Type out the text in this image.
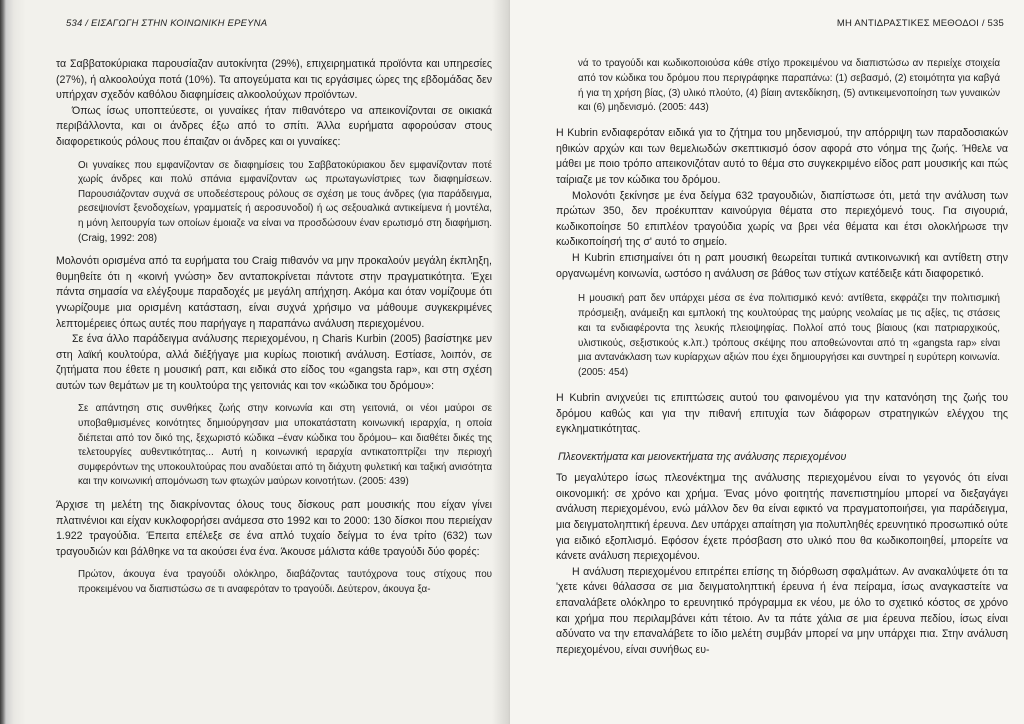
534 / ΕΙΣΑΓΩΓΗ ΣΤΗΝ ΚΟΙΝΩΝΙΚΗ ΕΡΕΥΝΑ

τα Σαββατοκύριακα παρουσίαζαν αυτοκίνητα (29%), επιχειρηματικά προϊόντα και υπηρεσίες (27%), ή αλκοολούχα ποτά (10%). Τα απογεύματα και τις εργάσιμες ώρες της εβδομάδας δεν υπήρχαν σχεδόν καθόλου διαφημίσεις αλκοολούχων προϊόντων.

Όπως ίσως υποπτεύεστε, οι γυναίκες ήταν πιθανότερο να απεικονίζονται σε οικιακά περιβάλλοντα, και οι άνδρες έξω από το σπίτι. Άλλα ευρήματα αφορούσαν στους διαφορετικούς ρόλους που έπαιζαν οι άνδρες και οι γυναίκες:

Οι γυναίκες που εμφανίζονταν σε διαφημίσεις του Σαββατοκύριακου δεν εμφανίζονταν ποτέ χωρίς άνδρες και πολύ σπάνια εμφανίζονταν ως πρωταγωνίστριες των διαφημίσεων. Παρουσιάζονταν συχνά σε υποδεέστερους ρόλους σε σχέση με τους άνδρες (για παράδειγμα, ρεσεψιονίστ ξενοδοχείων, γραμματείς ή αεροσυνοδοί) ή ως σεξουαλικά αντικείμενα ή μοντέλα, η μόνη λειτουργία των οποίων έμοιαζε να είναι να προσδώσουν έναν ερωτισμό στη διαφήμιση. (Craig, 1992: 208)

Μολονότι ορισμένα από τα ευρήματα του Craig πιθανόν να μην προκαλούν μεγάλη έκπληξη, θυμηθείτε ότι η «κοινή γνώση» δεν ανταποκρίνεται πάντοτε στην πραγματικότητα. Έχει πάντα σημασία να ελέγξουμε παραδοχές με μεγάλη απήχηση. Ακόμα και όταν νομίζουμε ότι γνωρίζουμε μια ορισμένη κατάσταση, είναι συχνά χρήσιμο να μάθουμε συγκεκριμένες λεπτομέρειες όπως αυτές που παρήγαγε η παραπάνω ανάλυση περιεχομένου.

Σε ένα άλλο παράδειγμα ανάλυσης περιεχομένου, η Charis Kurbin (2005) βασίστηκε μεν στη λαϊκή κουλτούρα, αλλά διέξήγαγε μια κυρίως ποιοτική ανάλυση. Εστίασε, λοιπόν, σε ζητήματα που έθετε η μουσική ραπ, και ειδικά στο είδος του «gangsta rap», και στη σχέση αυτών των θεμάτων με τη κουλτούρα της γειτονιάς και τον «κώδικα του δρόμου»:

Σε απάντηση στις συνθήκες ζωής στην κοινωνία και στη γειτονιά, οι νέοι μαύροι σε υποβαθμισμένες κοινότητες δημιούργησαν μια υποκατάστατη κοινωνική ιεραρχία, η οποία διέπεται από τον δικό της, ξεχωριστό κώδικα –έναν κώδικα του δρόμου– και διαθέτει δικές της τελετουργίες αυθεντικότητας... Αυτή η κοινωνική ιεραρχία αντικατοπτρίζει την περιοχή συμφερόντων της υποκουλτούρας που αναδύεται από τη διάχυτη φυλετική και ταξική ανισότητα και την κοινωνική απομόνωση των φτωχών μαύρων κοινοτήτων. (2005: 439)

Άρχισε τη μελέτη της διακρίνοντας όλους τους δίσκους ραπ μουσικής που είχαν γίνει πλατινένιοι και είχαν κυκλοφορήσει ανάμεσα στο 1992 και το 2000: 130 δίσκοι που περιείχαν 1.922 τραγούδια. Έπειτα επέλεξε σε ένα απλό τυχαίο δείγμα το ένα τρίτο (632) των τραγουδιών και βάλθηκε να τα ακούσει ένα ένα. Άκουσε μάλιστα κάθε τραγούδι δύο φορές:

Πρώτον, άκουγα ένα τραγούδι ολόκληρο, διαβάζοντας ταυτόχρονα τους στίχους που προκειμένου να διαπιστώσω σε τι αναφερόταν το τραγούδι. Δεύτερον, άκουγα ξα-

ΜΗ ΑΝΤΙΔΡΑΣΤΙΚΕΣ ΜΕΘΟΔΟΙ / 535

νά το τραγούδι και κωδικοποιούσα κάθε στίχο προκειμένου να διαπιστώσω αν περιείχε στοιχεία από τον κώδικα του δρόμου που περιγράφηκε παραπάνω: (1) σεβασμό, (2) ετοιμότητα για καβγά ή για τη χρήση βίας, (3) υλικό πλούτο, (4) βίαιη αντεκδίκηση, (5) αντικειμενοποίηση των γυναικών και (6) μηδενισμό. (2005: 443)

Η Kubrin ενδιαφερόταν ειδικά για το ζήτημα του μηδενισμού, την απόρριψη των παραδοσιακών ηθικών αρχών και των θεμελιωδών σκεπτικισμό όσον αφορά στο νόημα της ζωής. Ήθελε να μάθει με ποιο τρόπο απεικονιζόταν αυτό το θέμα στο συγκεκριμένο είδος ραπ μουσικής και πώς ταίριαζε με τον κώδικα του δρόμου.

Μολονότι ξεκίνησε με ένα δείγμα 632 τραγουδιών, διαπίστωσε ότι, μετά την ανάλυση των πρώτων 350, δεν προέκυπταν καινούργια θέματα στο περιεχόμενό τους. Για σιγουριά, κωδικοποίησε 50 επιπλέον τραγούδια χωρίς να βρει νέα θέματα και έτσι ολοκλήρωσε την κωδικοποίησή της σ' αυτό το σημείο.

Η Kubrin επισημαίνει ότι η ραπ μουσική θεωρείται τυπικά αντικοινωνική και αντίθετη στην οργανωμένη κοινωνία, ωστόσο η ανάλυση σε βάθος των στίχων κατέδειξε κάτι διαφορετικό.

Η μουσική ραπ δεν υπάρχει μέσα σε ένα πολιτισμικό κενό: αντίθετα, εκφράζει την πολιτισμική πρόσμειξη, ανάμειξη και εμπλοκή της κουλτούρας της μαύρης νεολαίας με τις αξίες, τις στάσεις και τα ενδιαφέροντα της λευκής πλειοψηφίας. Πολλοί από τους βίαιους (και πατριαρχικούς, υλιστικούς, σεξιστικούς κ.λπ.) τρόπους σκέψης που αποθεώνονται από τη «gangsta rap» είναι μια αντανάκλαση των κυρίαρχων αξιών που έχει δημιουργήσει και συντηρεί η ευρύτερη κοινωνία. (2005: 454)

Η Kubrin ανιχνεύει τις επιπτώσεις αυτού του φαινομένου για την κατανόηση της ζωής του δρόμου καθώς και για την πιθανή επιτυχία των διάφορων στρατηγικών ελέγχου της εγκληματικότητας.

Πλεονεκτήματα και μειονεκτήματα της ανάλυσης περιεχομένου

Το μεγαλύτερο ίσως πλεονέκτημα της ανάλυσης περιεχομένου είναι το γεγονός ότι είναι οικονομική: σε χρόνο και χρήμα. Ένας μόνο φοιτητής πανεπιστημίου μπορεί να διεξαγάγει ανάλυση περιεχομένου, ενώ μάλλον δεν θα είναι εφικτό να πραγματοποιήσει, για παράδειγμα, μια δειγματοληπτική έρευνα. Δεν υπάρχει απαίτηση για πολυπληθές ερευνητικό προσωπικό ούτε για ειδικό εξοπλισμό. Εφόσον έχετε πρόσβαση στο υλικό που θα κωδικοποιηθεί, μπορείτε να κάνετε ανάλυση περιεχομένου.

Η ανάλυση περιεχομένου επιτρέπει επίσης τη διόρθωση σφαλμάτων. Αν ανακαλύψετε ότι τα 'χετε κάνει θάλασσα σε μια δειγματοληπτική έρευνα ή ένα πείραμα, ίσως αναγκαστείτε να επαναλάβετε ολόκληρο το ερευνητικό πρόγραμμα εκ νέου, με όλο το σχετικό κόστος σε χρόνο και χρήμα που περιλαμβάνει κάτι τέτοιο. Αν τα πάτε χάλια σε μια έρευνα πεδίου, ίσως είναι αδύνατο να την επαναλάβετε το ίδιο μελέτη συμβάν μπορεί να μην υπάρχει πια. Στην ανάλυση περιεχομένου, είναι συνήθως ευ-
